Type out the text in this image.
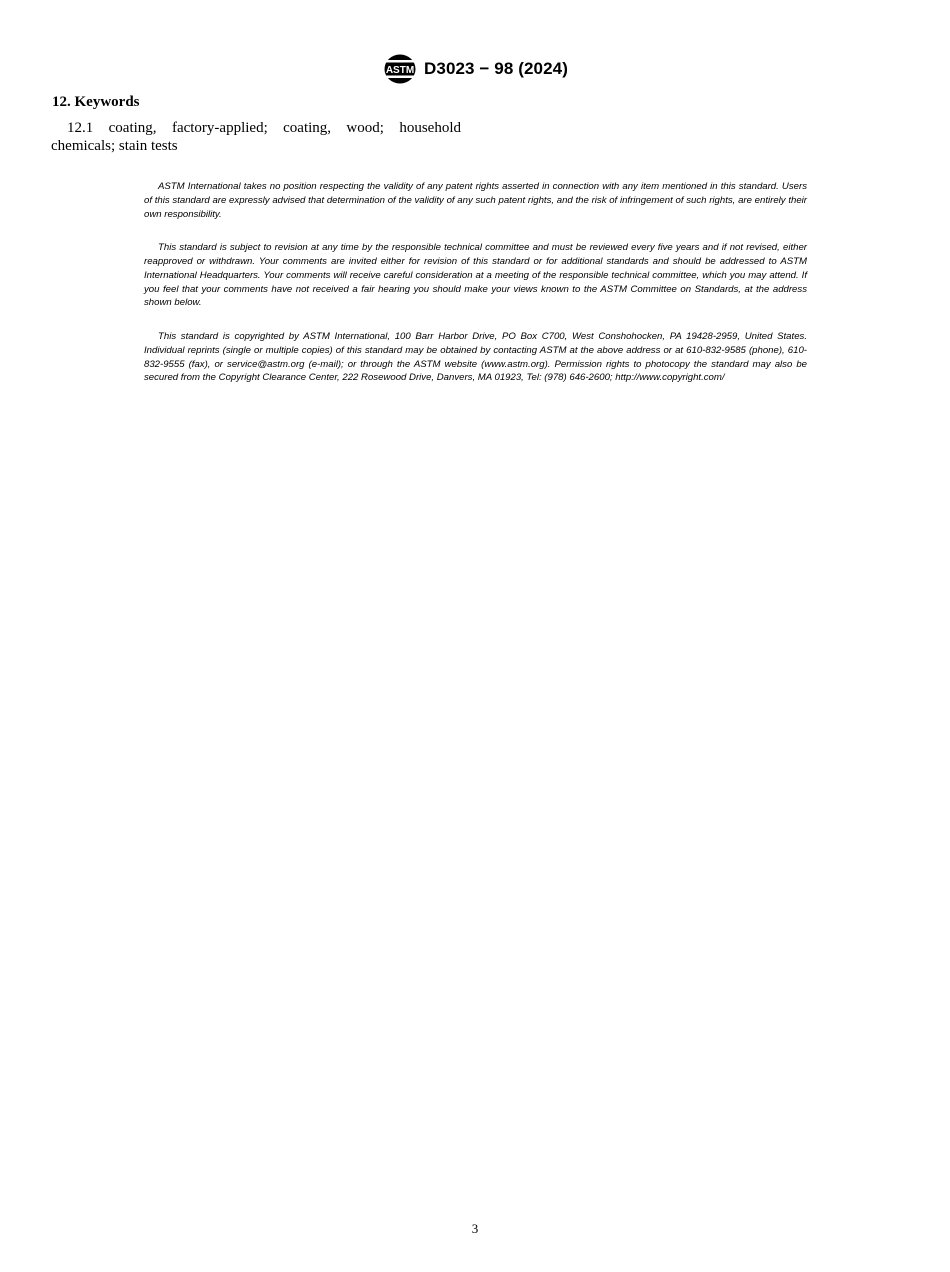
ASTM D3023 − 98 (2024)
12. Keywords

12.1 coating, factory-applied; coating, wood; household chemicals; stain tests

ASTM International takes no position respecting the validity of any patent rights asserted in connection with any item mentioned in this standard. Users of this standard are expressly advised that determination of the validity of any such patent rights, and the risk of infringement of such rights, are entirely their own responsibility.

This standard is subject to revision at any time by the responsible technical committee and must be reviewed every five years and if not revised, either reapproved or withdrawn. Your comments are invited either for revision of this standard or for additional standards and should be addressed to ASTM International Headquarters. Your comments will receive careful consideration at a meeting of the responsible technical committee, which you may attend. If you feel that your comments have not received a fair hearing you should make your views known to the ASTM Committee on Standards, at the address shown below.

This standard is copyrighted by ASTM International, 100 Barr Harbor Drive, PO Box C700, West Conshohocken, PA 19428-2959, United States. Individual reprints (single or multiple copies) of this standard may be obtained by contacting ASTM at the above address or at 610-832-9585 (phone), 610-832-9555 (fax), or service@astm.org (e-mail); or through the ASTM website (www.astm.org). Permission rights to photocopy the standard may also be secured from the Copyright Clearance Center, 222 Rosewood Drive, Danvers, MA 01923, Tel: (978) 646-2600; http://www.copyright.com/

3
